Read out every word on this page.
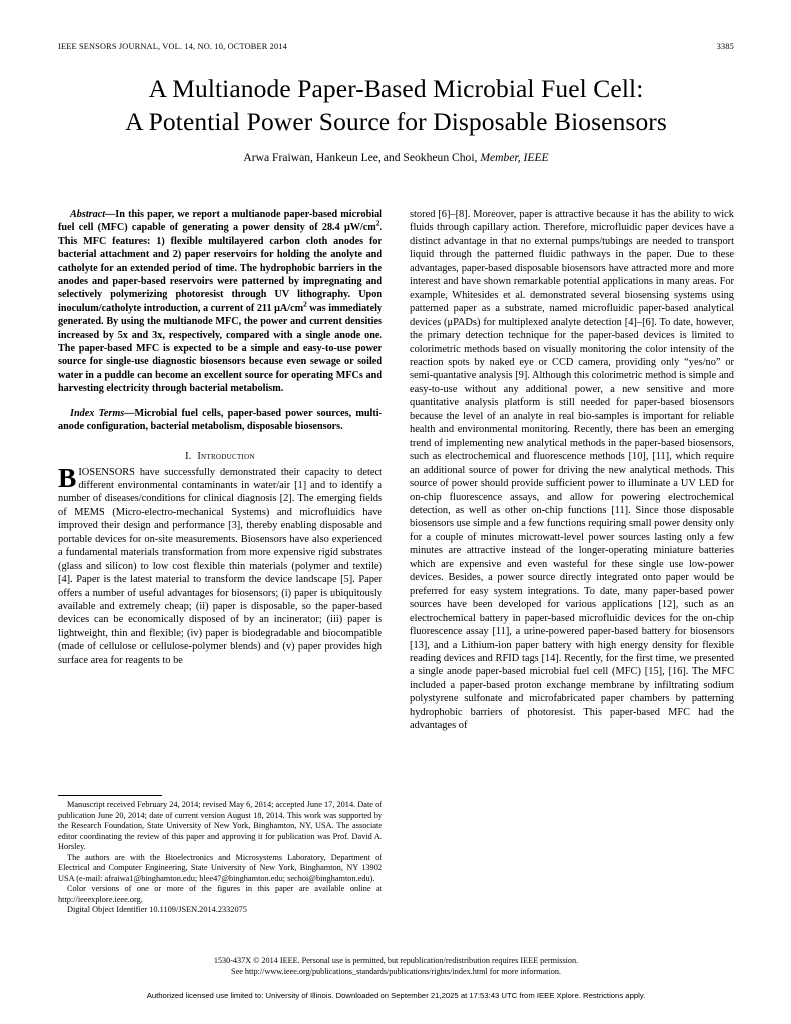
IEEE SENSORS JOURNAL, VOL. 14, NO. 10, OCTOBER 2014	3385
A Multianode Paper-Based Microbial Fuel Cell:
A Potential Power Source for Disposable Biosensors
Arwa Fraiwan, Hankeun Lee, and Seokheun Choi, Member, IEEE

Abstract—In this paper, we report a multianode paper-based microbial fuel cell (MFC) capable of generating a power density of 28.4 $\mu W/cm^2$. This MFC features: 1) flexible multilayered carbon cloth anodes for bacterial attachment and 2) paper reservoirs for holding the anolyte and catholyte for an extended period of time. The hydrophobic barriers in the anodes and paper-based reservoirs were patterned by impregnating and selectively polymerizing photoresist through UV lithography. Upon inoculum/catholyte introduction, a current of 211 $\mu A/cm^2$ was immediately generated. By using the multianode MFC, the power and current densities increased by 5x and 3x, respectively, compared with a single anode one. The paper-based MFC is expected to be a simple and easy-to-use power source for single-use diagnostic biosensors because even sewage or soiled water in a puddle can become an excellent source for operating MFCs and harvesting electricity through bacterial metabolism.

Index Terms—Microbial fuel cells, paper-based power sources, multi-anode configuration, bacterial metabolism, disposable biosensors.

I. Introduction

BIOSENSORS have successfully demonstrated their capacity to detect different environmental contaminants in water/air [1] and to identify a number of diseases/conditions for clinical diagnosis [2]. The emerging fields of MEMS (Micro-electro-mechanical Systems) and microfluidics have improved their design and performance [3], thereby enabling disposable and portable devices for on-site measurements. Biosensors have also experienced a fundamental materials transformation from more expensive rigid substrates (glass and silicon) to low cost flexible thin materials (polymer and textile) [4]. Paper is the latest material to transform the device landscape [5]. Paper offers a number of useful advantages for biosensors; (i) paper is ubiquitously available and extremely cheap; (ii) paper is disposable, so the paper-based devices can be economically disposed of by an incinerator; (iii) paper is lightweight, thin and flexible; (iv) paper is biodegradable and biocompatible (made of cellulose or cellulose-polymer blends) and (v) paper provides high surface area for reagents to be

Manuscript received February 24, 2014; revised May 6, 2014; accepted June 17, 2014. Date of publication June 20, 2014; date of current version August 18, 2014. This work was supported by the Research Foundation, State University of New York, Binghamton, NY, USA. The associate editor coordinating the review of this paper and approving it for publication was Prof. David A. Horsley.

The authors are with the Bioelectronics and Microsystems Laboratory, Department of Electrical and Computer Engineering, State University of New York, Binghamton, NY 13902 USA (e-mail: afraiwa1@binghamton.edu; hlee47@binghamton.edu; sechoi@binghamton.edu).

Color versions of one or more of the figures in this paper are available online at http://ieeexplore.ieee.org.

Digital Object Identifier 10.1109/JSEN.2014.2332075

stored [6]–[8]. Moreover, paper is attractive because it has the ability to wick fluids through capillary action. Therefore, microfluidic paper devices have a distinct advantage in that no external pumps/tubings are needed to transport liquid through the patterned fluidic pathways in the paper. Due to these advantages, paper-based disposable biosensors have attracted more and more interest and have shown remarkable potential applications in many areas. For example, Whitesides et al. demonstrated several biosensing systems using patterned paper as a substrate, named microfluidic paper-based analytical devices (μPADs) for multiplexed analyte detection [4]–[6]. To date, however, the primary detection technique for the paper-based devices is limited to colorimetric methods based on visually monitoring the color intensity of the reaction spots by naked eye or CCD camera, providing only “yes/no” or semi-quantative analysis [9]. Although this colorimetric method is simple and easy-to-use without any additional power, a new sensitive and more quantitative analysis platform is still needed for paper-based biosensors because the level of an analyte in real bio-samples is important for reliable health and environmental monitoring. Recently, there has been an emerging trend of implementing new analytical methods in the paper-based biosensors, such as electrochemical and fluorescence methods [10], [11], which require an additional source of power for driving the new analytical methods. This source of power should provide sufficient power to illuminate a UV LED for on-chip fluorescence assays, and allow for powering electrochemical detection, as well as other on-chip functions [11]. Since those disposable biosensors use simple and a few functions requiring small power density only for a couple of minutes microwatt-level power sources lasting only a few minutes are attractive instead of the longer-operating miniature batteries which are expensive and even wasteful for these single use low-power devices. Besides, a power source directly integrated onto paper would be preferred for easy system integrations. To date, many paper-based power sources have been developed for various applications [12], such as an electrochemical battery in paper-based microfluidic devices for the on-chip fluorescence assay [11], a urine-powered paper-based battery for biosensors [13], and a Lithium-ion paper battery with high energy density for flexible reading devices and RFID tags [14]. Recently, for the first time, we presented a single anode paper-based microbial fuel cell (MFC) [15], [16]. The MFC included a paper-based proton exchange membrane by infiltrating sodium polystyrene sulfonate and microfabricated paper chambers by patterning hydrophobic barriers of photoresist. This paper-based MFC had the advantages of

1530-437X © 2014 IEEE. Personal use is permitted, but republication/redistribution requires IEEE permission.
See http://www.ieee.org/publications_standards/publications/rights/index.html for more information.
Authorized licensed use limited to: University of Illinois. Downloaded on September 21,2025 at 17:53:43 UTC from IEEE Xplore. Restrictions apply.
